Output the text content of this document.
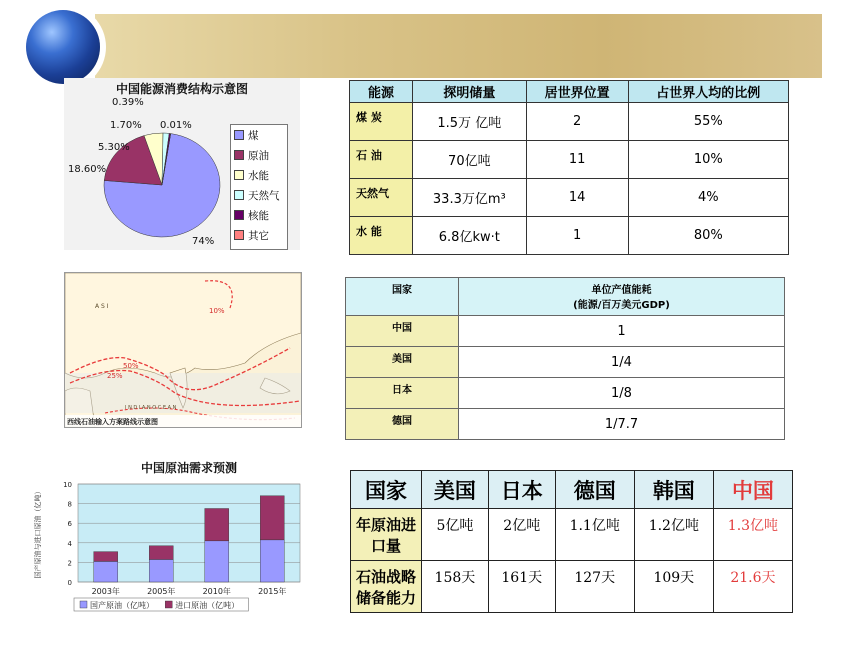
中国能源消费结构示意图
0.39%
1.70% 0.01%
5.30%
18.60%
74%
煤
原油
水能
天然气
核能
其它
能源	探明储量	居世界位置	占世界人均的比例
煤 炭	1.5万 亿吨	2	55%
石 油	70亿吨	11	10%
天然气	33.3万亿m³	14	4%
水 能	6.8亿kw·t	1	80%
10%
50%
25%
A S I
I N D I A N O C E A N
西线石油输入方案路线示意图
国家	单位产值能耗
(能源/百万美元GDP)

中国	1
美国	1/4
日本	1/8
德国	1/7.7
中国原油需求预测
0
2
4
6
8
10
国产原油与进口原油（亿吨）
2003年	2005年	2010年	2015年
国产原油（亿吨）	进口原油（亿吨）
国家	美国	日本	德国	韩国	中国
年原油进口量	5亿吨	2亿吨	1.1亿吨	1.2亿吨	1.3亿吨
石油战略储备能力	158天	161天	127天	109天	21.6天
